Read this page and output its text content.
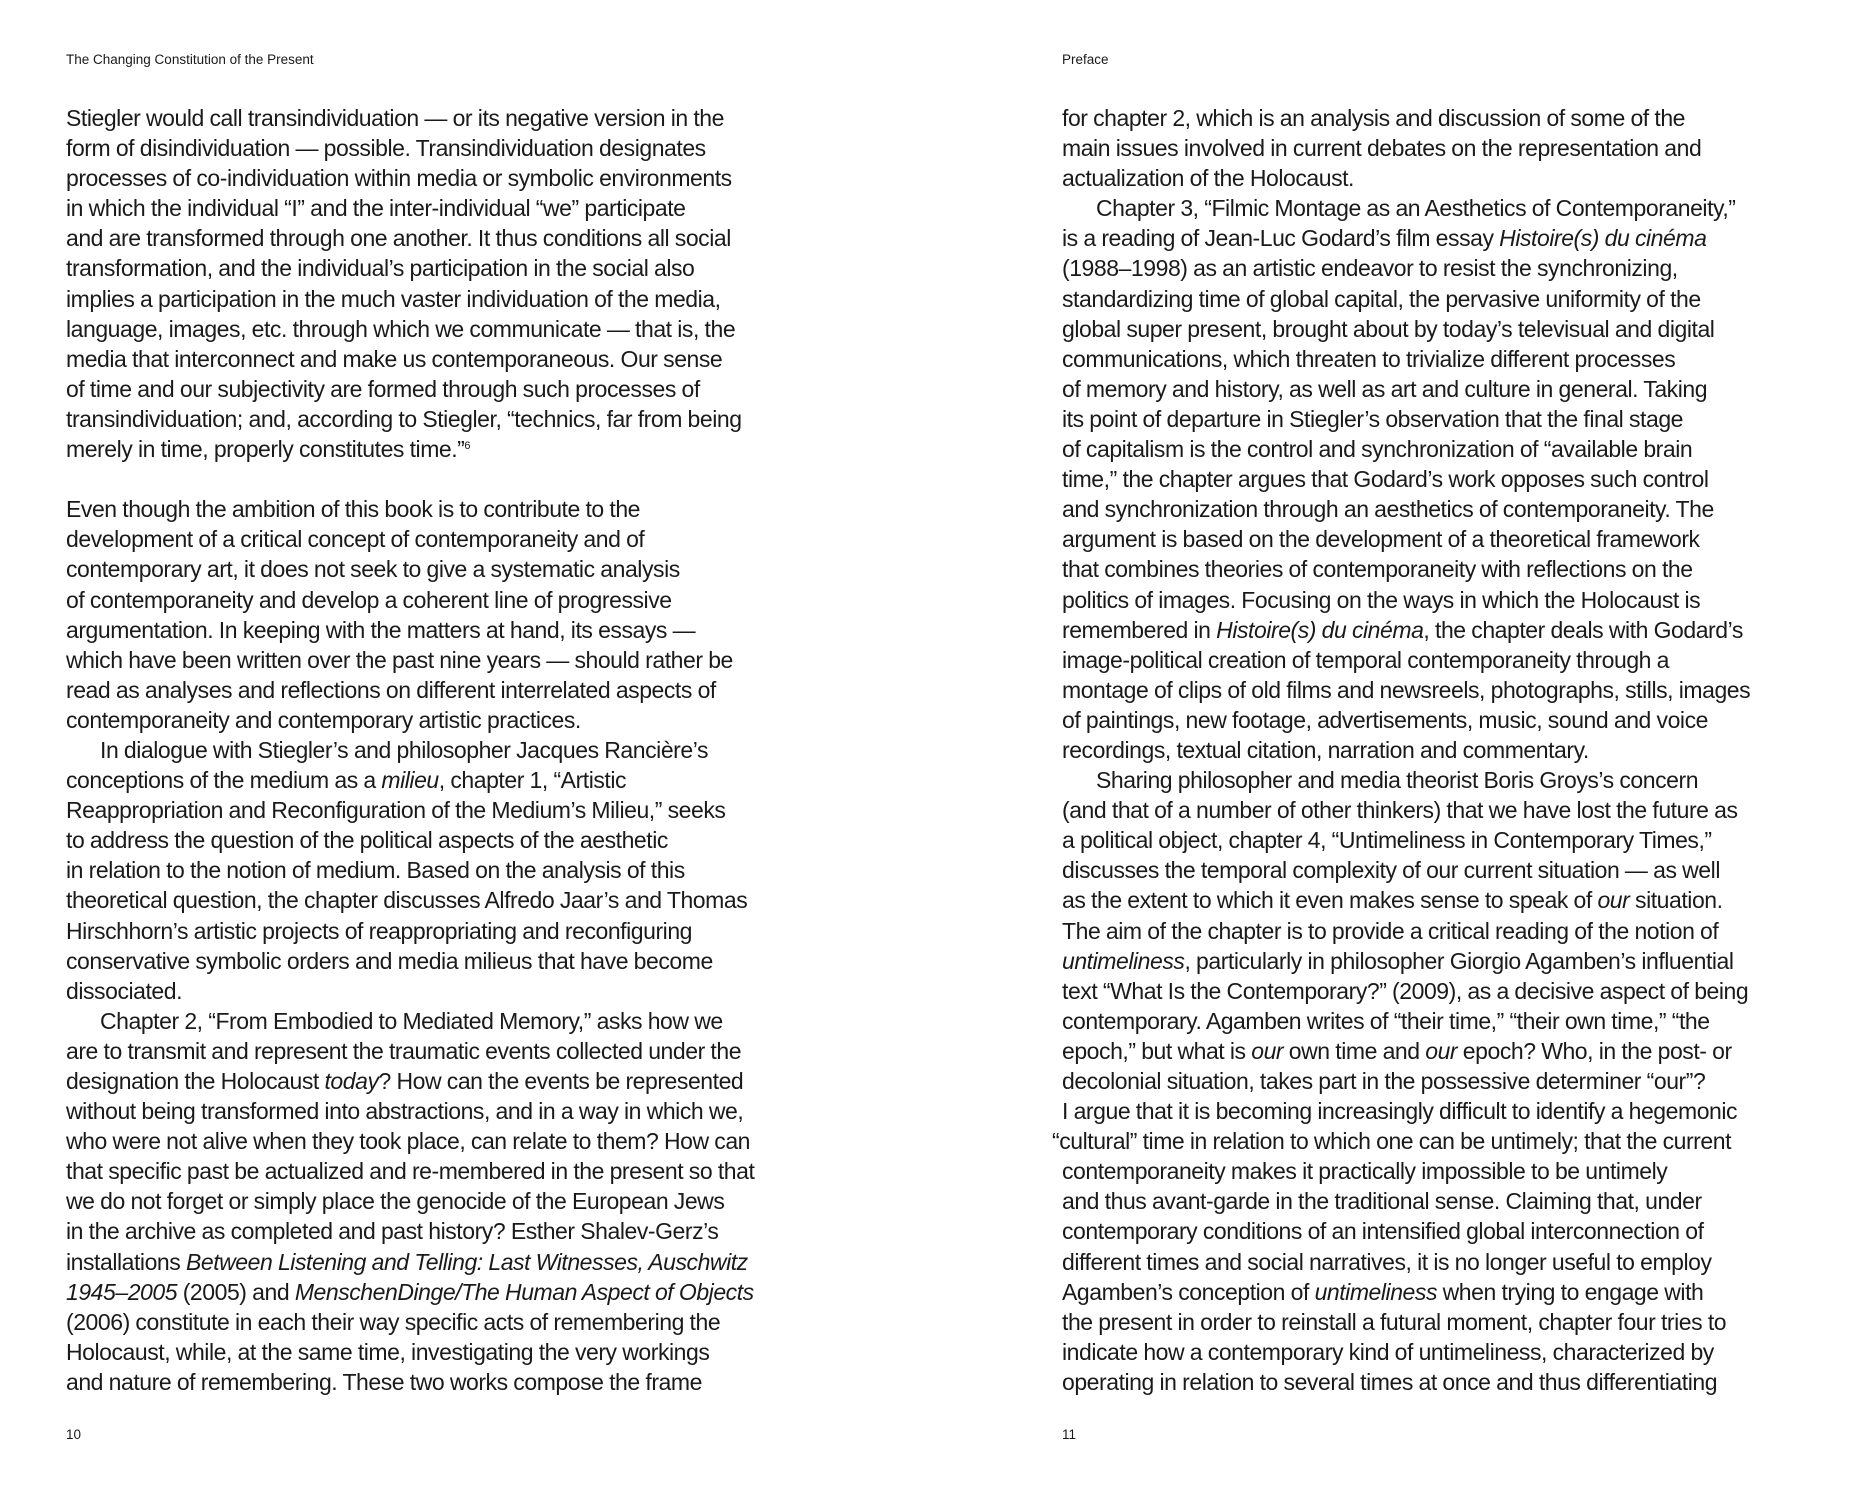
The Changing Constitution of the Present
Stiegler would call transindividuation — or its negative version in the
form of disindividuation — possible. Transindividuation designates
processes of co-individuation within media or symbolic environments
in which the individual “I” and the inter-individual “we” participate
and are transformed through one another. It thus conditions all social
transformation, and the individual’s participation in the social also
implies a participation in the much vaster individuation of the media,
language, images, etc. through which we communicate — that is, the
media that interconnect and make us contemporaneous. Our sense
of time and our subjectivity are formed through such processes of
transindividuation; and, according to Stiegler, “technics, far from being
merely in time, properly constitutes time.”$^6$
Even though the ambition of this book is to contribute to the
development of a critical concept of contemporaneity and of
contemporary art, it does not seek to give a systematic analysis
of contemporaneity and develop a coherent line of progressive
argumentation. In keeping with the matters at hand, its essays —
which have been written over the past nine years — should rather be
read as analyses and reflections on different interrelated aspects of
contemporaneity and contemporary artistic practices.
In dialogue with Stiegler’s and philosopher Jacques Rancière’s
conceptions of the medium as a milieu, chapter 1, “Artistic
Reappropriation and Reconfiguration of the Medium’s Milieu,” seeks
to address the question of the political aspects of the aesthetic
in relation to the notion of medium. Based on the analysis of this
theoretical question, the chapter discusses Alfredo Jaar’s and Thomas
Hirschhorn’s artistic projects of reappropriating and reconfiguring
conservative symbolic orders and media milieus that have become
dissociated.
Chapter 2, “From Embodied to Mediated Memory,” asks how we
are to transmit and represent the traumatic events collected under the
designation the Holocaust today? How can the events be represented
without being transformed into abstractions, and in a way in which we,
who were not alive when they took place, can relate to them? How can
that specific past be actualized and re-membered in the present so that
we do not forget or simply place the genocide of the European Jews
in the archive as completed and past history? Esther Shalev-Gerz’s
installations Between Listening and Telling: Last Witnesses, Auschwitz
1945–2005 (2005) and MenschenDinge/The Human Aspect of Objects
(2006) constitute in each their way specific acts of remembering the
Holocaust, while, at the same time, investigating the very workings
and nature of remembering. These two works compose the frame
10
Preface
for chapter 2, which is an analysis and discussion of some of the
main issues involved in current debates on the representation and
actualization of the Holocaust.
Chapter 3, “Filmic Montage as an Aesthetics of Contemporaneity,”
is a reading of Jean-Luc Godard’s film essay Histoire(s) du cinéma
(1988–1998) as an artistic endeavor to resist the synchronizing,
standardizing time of global capital, the pervasive uniformity of the
global super present, brought about by today’s televisual and digital
communications, which threaten to trivialize different processes
of memory and history, as well as art and culture in general. Taking
its point of departure in Stiegler’s observation that the final stage
of capitalism is the control and synchronization of “available brain
time,” the chapter argues that Godard’s work opposes such control
and synchronization through an aesthetics of contemporaneity. The
argument is based on the development of a theoretical framework
that combines theories of contemporaneity with reflections on the
politics of images. Focusing on the ways in which the Holocaust is
remembered in Histoire(s) du cinéma, the chapter deals with Godard’s
image-political creation of temporal contemporaneity through a
montage of clips of old films and newsreels, photographs, stills, images
of paintings, new footage, advertisements, music, sound and voice
recordings, textual citation, narration and commentary.
Sharing philosopher and media theorist Boris Groys’s concern
(and that of a number of other thinkers) that we have lost the future as
a political object, chapter 4, “Untimeliness in Contemporary Times,”
discusses the temporal complexity of our current situation — as well
as the extent to which it even makes sense to speak of our situation.
The aim of the chapter is to provide a critical reading of the notion of
untimeliness, particularly in philosopher Giorgio Agamben’s influential
text “What Is the Contemporary?” (2009), as a decisive aspect of being
contemporary. Agamben writes of “their time,” “their own time,” “the
epoch,” but what is our own time and our epoch? Who, in the post- or
decolonial situation, takes part in the possessive determiner “our”?
I argue that it is becoming increasingly difficult to identify a hegemonic
“cultural” time in relation to which one can be untimely; that the current
contemporaneity makes it practically impossible to be untimely
and thus avant-garde in the traditional sense. Claiming that, under
contemporary conditions of an intensified global interconnection of
different times and social narratives, it is no longer useful to employ
Agamben’s conception of untimeliness when trying to engage with
the present in order to reinstall a futural moment, chapter four tries to
indicate how a contemporary kind of untimeliness, characterized by
operating in relation to several times at once and thus differentiating
11
